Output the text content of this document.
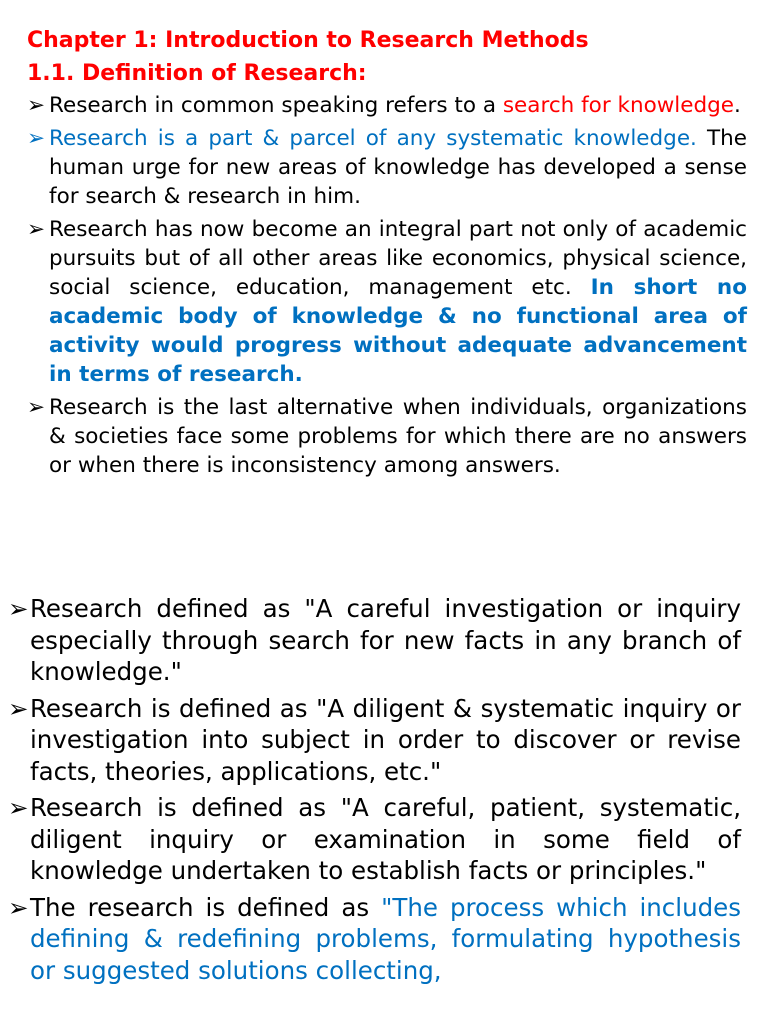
Chapter 1: Introduction to Research Methods
1.1. Definition of Research:
➢ Research in common speaking refers to a search for knowledge.
➢ Research is a part & parcel of any systematic knowledge. The human urge for new areas of knowledge has developed a sense for search & research in him.
➢ Research has now become an integral part not only of academic pursuits but of all other areas like economics, physical science, social science, education, management etc. In short no academic body of knowledge & no functional area of activity would progress without adequate advancement in terms of research.
➢ Research is the last alternative when individuals, organizations & societies face some problems for which there are no answers or when there is inconsistency among answers.
➢ Research defined as "A careful investigation or inquiry especially through search for new facts in any branch of knowledge."
➢ Research is defined as "A diligent & systematic inquiry or investigation into subject in order to discover or revise facts, theories, applications, etc."
➢ Research is defined as "A careful, patient, systematic, diligent inquiry or examination in some field of knowledge undertaken to establish facts or principles."
➢ The research is defined as "The process which includes defining & redefining problems, formulating hypothesis or suggested solutions collecting,
